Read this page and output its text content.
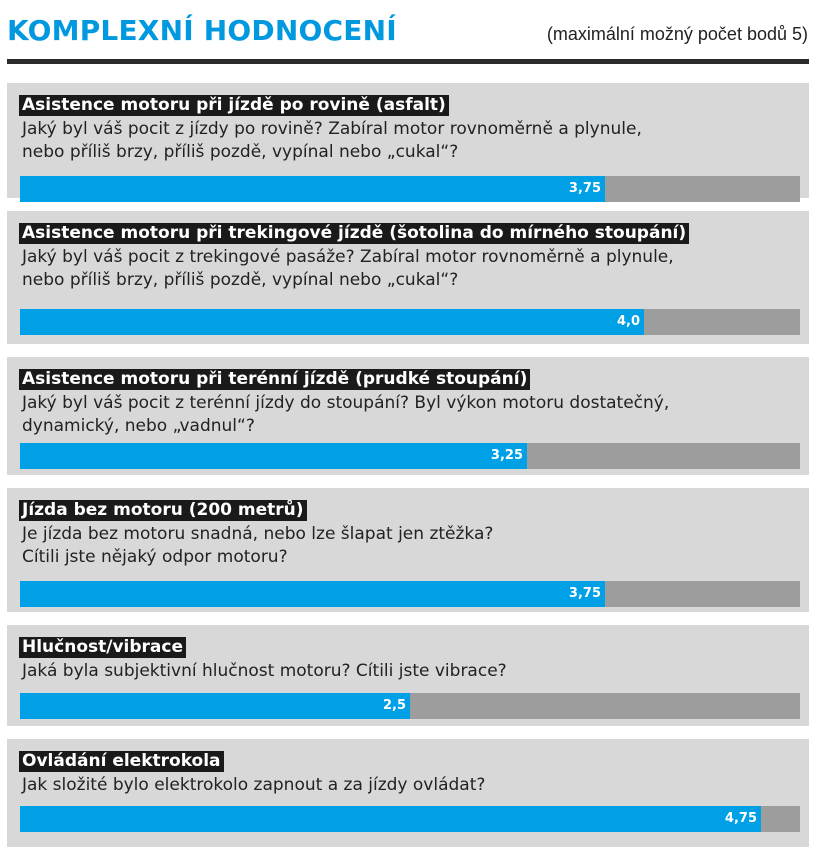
KOMPLEXNÍ HODNOCENÍ	(maximální možný počet bodů 5)
Asistence motoru při jízdě po rovině (asfalt)
Jaký byl váš pocit z jízdy po rovině? Zabíral motor rovnoměrně a plynule,
nebo příliš brzy, příliš pozdě, vypínal nebo „cukal“?
3,75
Asistence motoru při trekingové jízdě (šotolina do mírného stoupání)
Jaký byl váš pocit z trekingové pasáže? Zabíral motor rovnoměrně a plynule,
nebo příliš brzy, příliš pozdě, vypínal nebo „cukal“?
4,0
Asistence motoru při terénní jízdě (prudké stoupání)
Jaký byl váš pocit z terénní jízdy do stoupání? Byl výkon motoru dostatečný,
dynamický, nebo „vadnul“?
3,25
Jízda bez motoru (200 metrů)
Je jízda bez motoru snadná, nebo lze šlapat jen ztěžka?
Cítili jste nějaký odpor motoru?
3,75
Hlučnost/vibrace
Jaká byla subjektivní hlučnost motoru? Cítili jste vibrace?
2,5
Ovládání elektrokola
Jak složité bylo elektrokolo zapnout a za jízdy ovládat?
4,75
